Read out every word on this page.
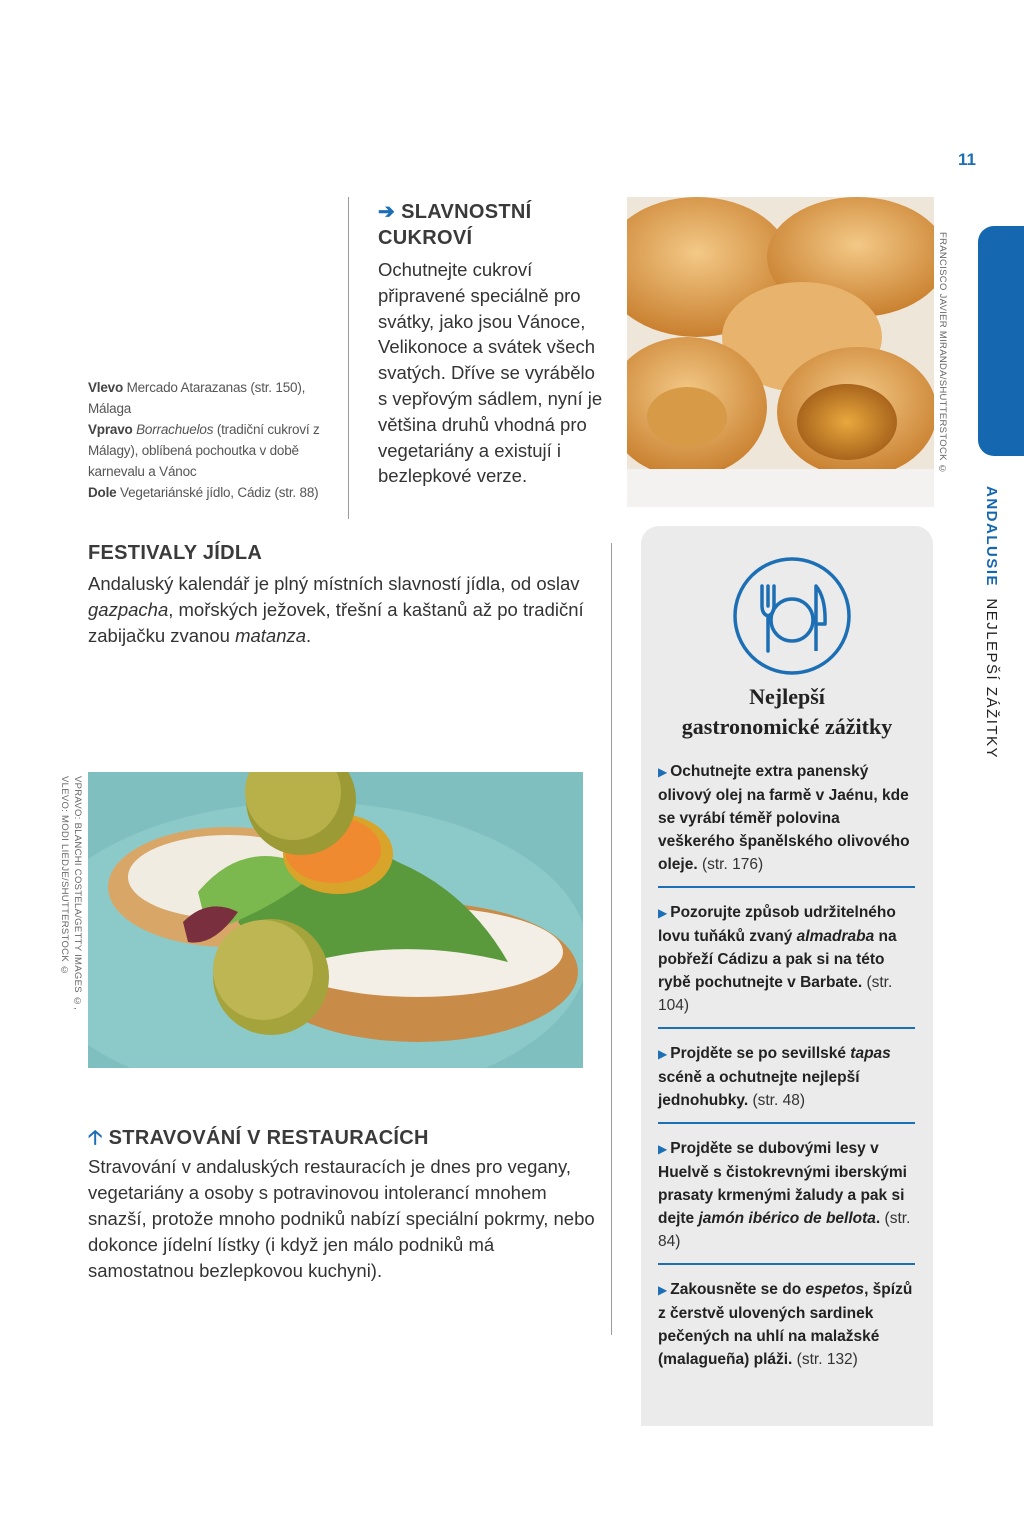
11
ANDALUSIE  NEJLEPŠÍ ZÁŽITKY
FRANCISCO JAVIER MIRANDA/SHUTTERSTOCK ©
VPRAVO: BLANCHI COSTELA/GETTY IMAGES ©,
VLEVO: MODI LIEDJE/SHUTTERSTOCK ©
Vlevo Mercado Atarazanas (str. 150), Málaga
Vpravo Borrachuelos (tradiční cukroví z Málagy), oblíbená pochoutka v době karnevalu a Vánoc
Dole Vegetariánské jídlo, Cádiz (str. 88)
➔ SLAVNOSTNÍ CUKROVÍ
Ochutnejte cukroví připravené speciálně pro svátky, jako jsou Vánoce, Velikonoce a svátek všech svatých. Dříve se vyrábělo s vepřovým sádlem, nyní je většina druhů vhodná pro vegetariány a existují i bezlepkové verze.
FESTIVALY JÍDLA
Andaluský kalendář je plný místních slavností jídla, od oslav gazpacha, mořských ježovek, třešní a kaštanů až po tradiční zabijačku zvanou matanza.
🡡 STRAVOVÁNÍ V RESTAURACÍCH
Stravování v andaluských restauracích je dnes pro vegany, vegetariány a osoby s potravinovou intolerancí mnohem snazší, protože mnoho podniků nabízí speciální pokrmy, nebo dokonce jídelní lístky (i když jen málo podniků má samostatnou bezlepkovou kuchyni).
Nejlepší
gastronomické zážitky
▶ Ochutnejte extra panenský olivový olej na farmě v Jaénu, kde se vyrábí téměř polovina veškerého španělského olivového oleje. (str. 176)
▶ Pozorujte způsob udržitelného lovu tuňáků zvaný almadraba na pobřeží Cádizu a pak si na této rybě pochutnejte v Barbate. (str. 104)
▶ Projděte se po sevillské tapas scéně a ochutnejte nejlepší jednohubky. (str. 48)
▶ Projděte se dubovými lesy v Huelvě s čistokrevnými iberskými prasaty krmenými žaludy a pak si dejte jamón ibérico de bellota. (str. 84)
▶ Zakousněte se do espetos, špízů z čerstvě ulovených sardinek pečených na uhlí na malažské (malagueña) pláži. (str. 132)
